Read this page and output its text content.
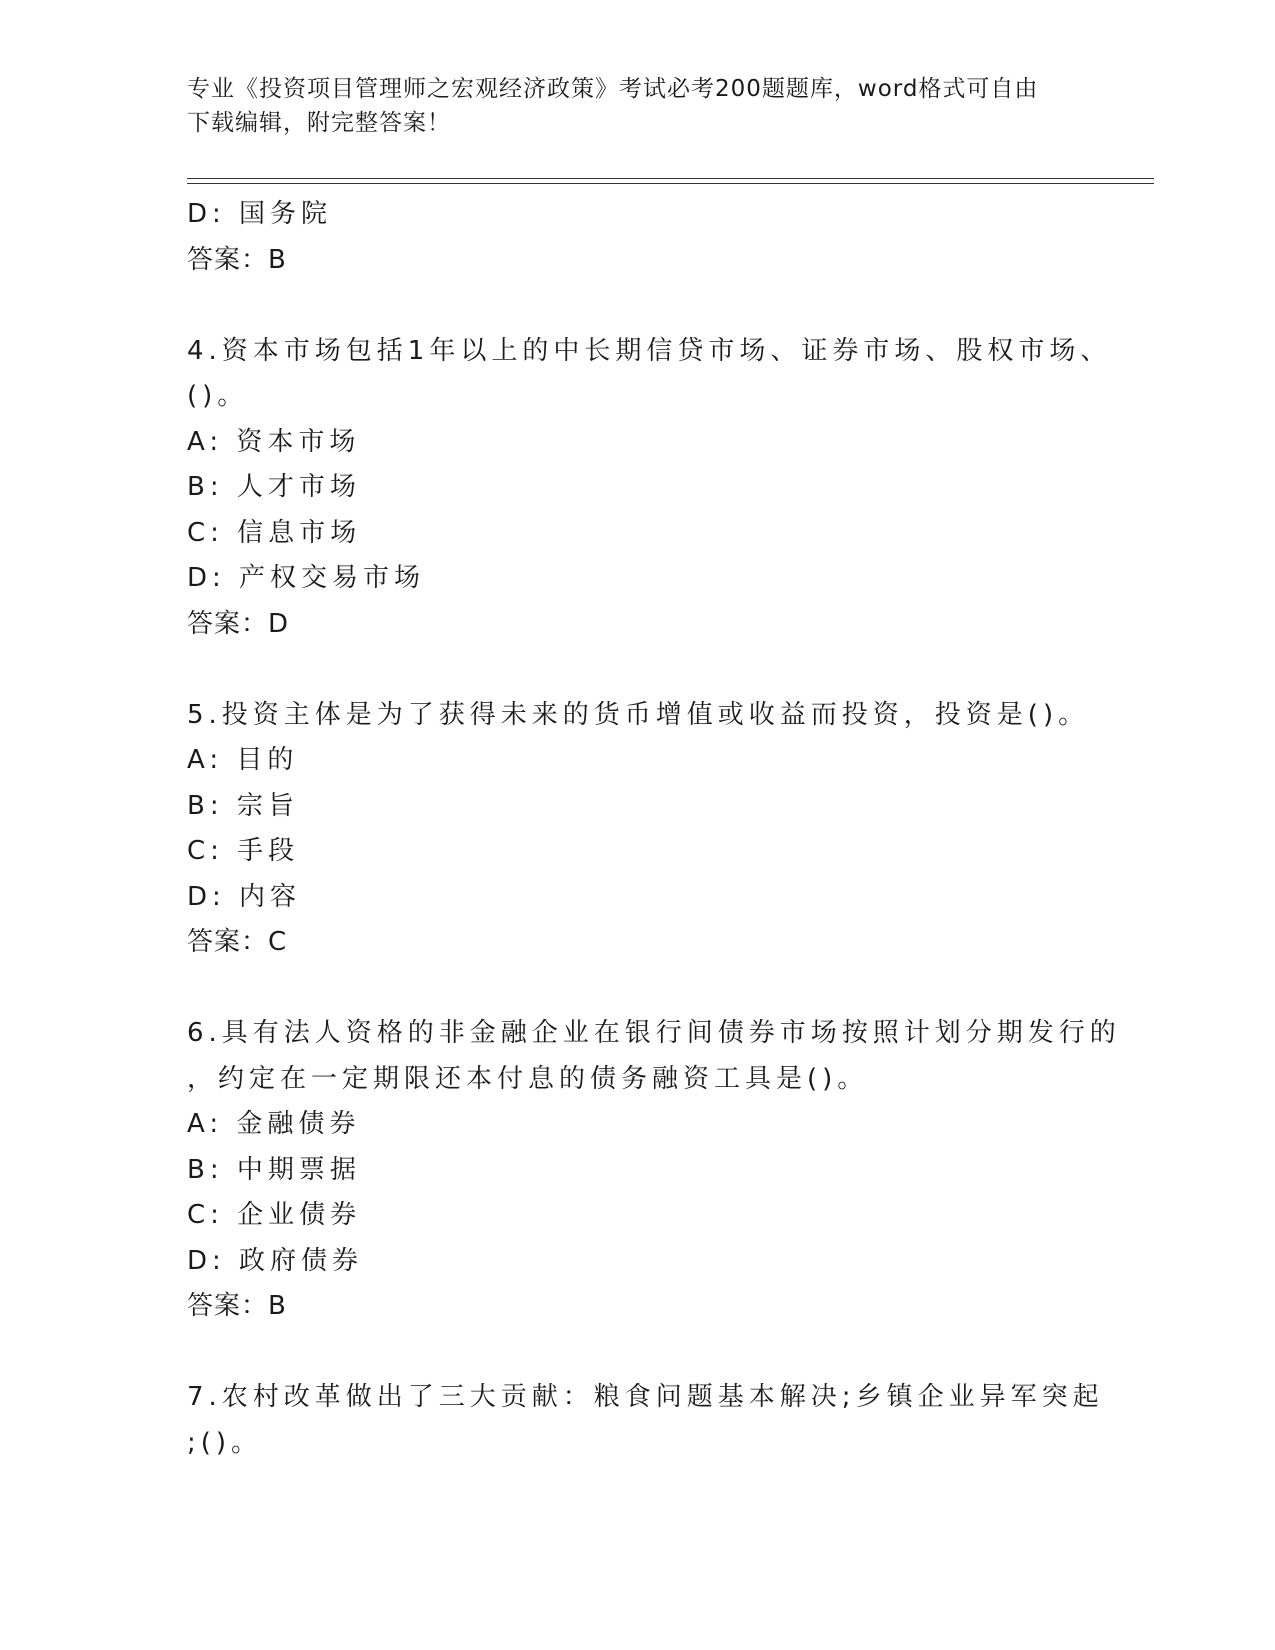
专业《投资项目管理师之宏观经济政策》考试必考200题题库，word格式可自由
下载编辑，附完整答案！
D: 国务院
答案：B
4.资本市场包括1年以上的中长期信贷市场、证券市场、股权市场、
()。
A: 资本市场
B: 人才市场
C: 信息市场
D: 产权交易市场
答案：D
5.投资主体是为了获得未来的货币增值或收益而投资，投资是()。
A: 目的
B: 宗旨
C: 手段
D: 内容
答案：C
6.具有法人资格的非金融企业在银行间债券市场按照计划分期发行的
，约定在一定期限还本付息的债务融资工具是()。
A: 金融债券
B: 中期票据
C: 企业债券
D: 政府债券
答案：B
7.农村改革做出了三大贡献：粮食问题基本解决;乡镇企业异军突起
;()。
